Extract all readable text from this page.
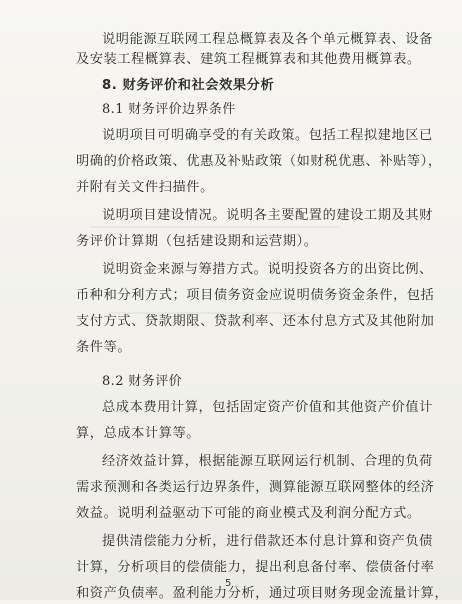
说明能源互联网工程总概算表及各个单元概算表、设备
及安装工程概算表、建筑工程概算表和其他费用概算表。
8. 财务评价和社会效果分析
8.1 财务评价边界条件
说明项目可明确享受的有关政策。包括工程拟建地区已
明确的价格政策、优惠及补贴政策（如财税优惠、补贴等），
并附有关文件扫描件。
说明项目建设情况。说明各主要配置的建设工期及其财
务评价计算期（包括建设期和运营期）。
说明资金来源与筹措方式。说明投资各方的出资比例、
币种和分利方式；项目债务资金应说明债务资金条件，包括
支付方式、贷款期限、贷款利率、还本付息方式及其他附加
条件等。
8.2 财务评价
总成本费用计算，包括固定资产价值和其他资产价值计
算，总成本计算等。
经济效益计算，根据能源互联网运行机制、合理的负荷
需求预测和各类运行边界条件，测算能源互联网整体的经济
效益。说明利益驱动下可能的商业模式及利润分配方式。
提供清偿能力分析，进行借款还本付息计算和资产负债
计算，分析项目的偿债能力，提出利息备付率、偿债备付率
和资产负债率。盈利能力分析，通过项目财务现金流量计算，
5
